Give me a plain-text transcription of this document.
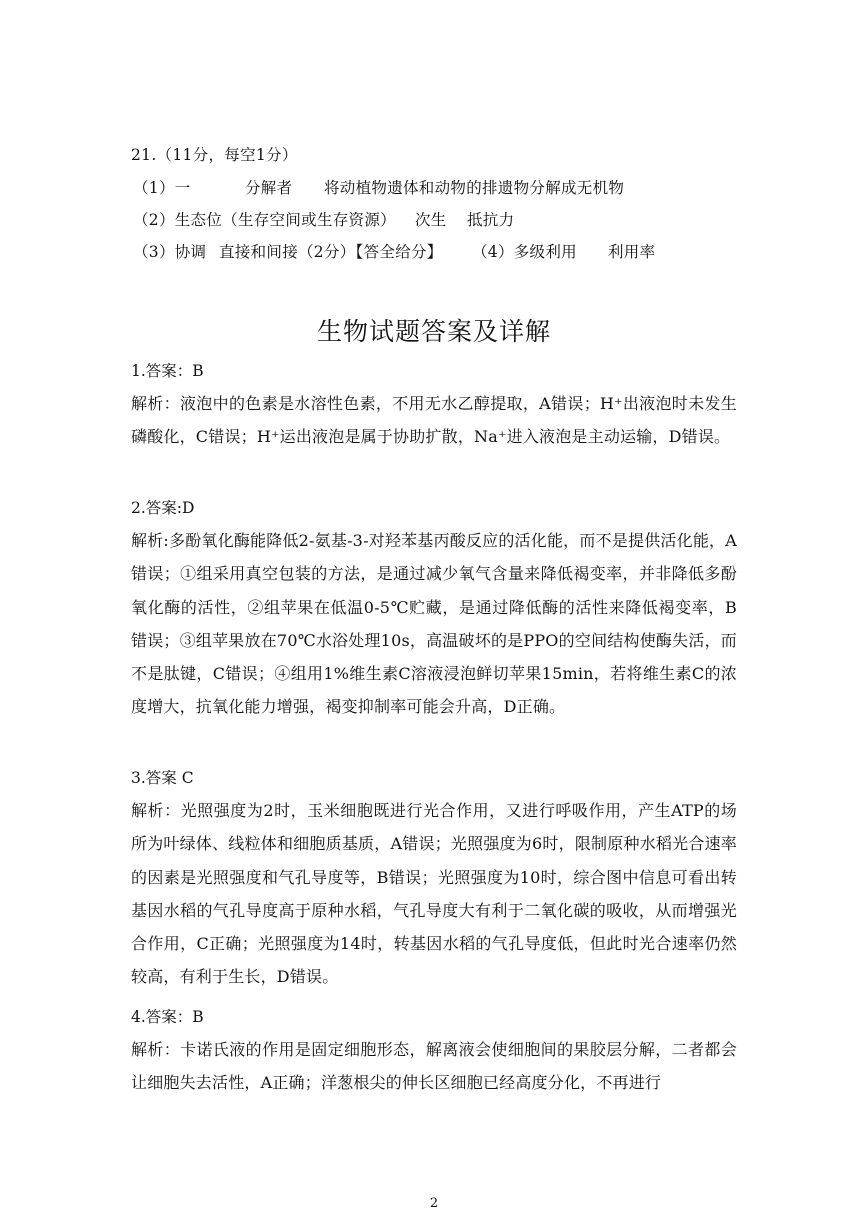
21.（11分，每空1分）
（1）一	分解者 将动植物遗体和动物的排遗物分解成无机物
（2）生态位（生存空间或生存资源） 次生 抵抗力
（3）协调 直接和间接（2分）【答全给分】 （4）多级利用 利用率
生物试题答案及详解
1.答案：B
解析：液泡中的色素是水溶性色素，不用无水乙醇提取，A错误；H⁺出液泡时未发生磷酸化，C错误；H⁺运出液泡是属于协助扩散，Na⁺进入液泡是主动运输，D错误。
2.答案:D
解析:多酚氧化酶能降低2-氨基-3-对羟苯基丙酸反应的活化能，而不是提供活化能，A错误；①组采用真空包装的方法，是通过减少氧气含量来降低褐变率，并非降低多酚氧化酶的活性，②组苹果在低温0-5℃贮藏，是通过降低酶的活性来降低褐变率，B错误；③组苹果放在70℃水浴处理10s，高温破坏的是PPO的空间结构使酶失活，而不是肽键，C错误；④组用1%维生素C溶液浸泡鲜切苹果15min，若将维生素C的浓度增大，抗氧化能力增强，褐变抑制率可能会升高，D正确。
3.答案 C
解析：光照强度为2时，玉米细胞既进行光合作用，又进行呼吸作用，产生ATP的场所为叶绿体、线粒体和细胞质基质，A错误；光照强度为6时，限制原种水稻光合速率的因素是光照强度和气孔导度等，B错误；光照强度为10时，综合图中信息可看出转基因水稻的气孔导度高于原种水稻，气孔导度大有利于二氧化碳的吸收，从而增强光合作用，C正确；光照强度为14时，转基因水稻的气孔导度低，但此时光合速率仍然较高，有利于生长，D错误。
4.答案：B
解析：卡诺氏液的作用是固定细胞形态，解离液会使细胞间的果胶层分解，二者都会让细胞失去活性，A正确；洋葱根尖的伸长区细胞已经高度分化，不再进行
2
